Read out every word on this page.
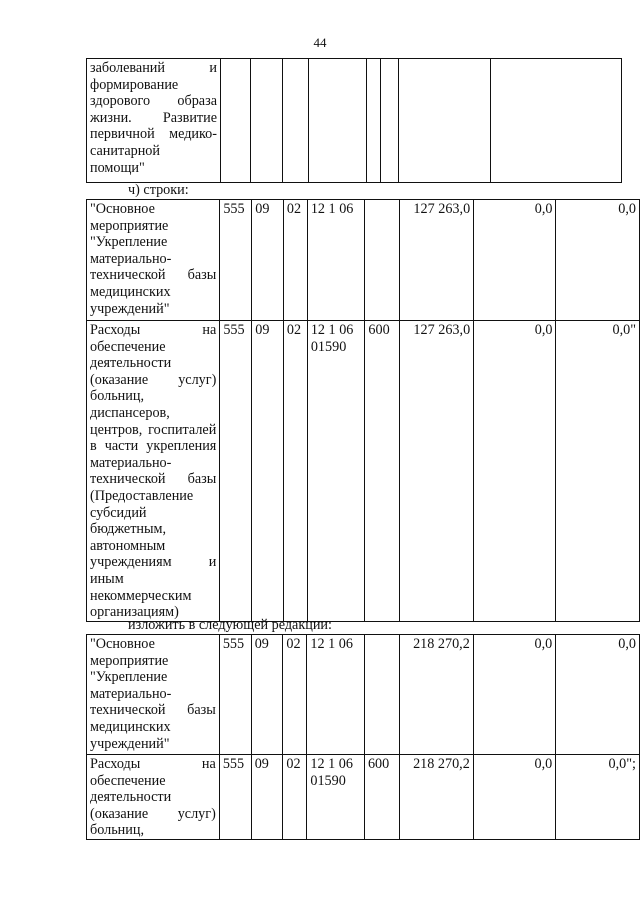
44
заболеваний и формирование здорового образа жизни. Развитие первичной медико-санитарной помощи"								
ч) строки:
"Основное мероприятие "Укрепление материально-технической базы медицинских учреждений"	555	09	02	12 1 06		127 263,0	0,0	0,0
Расходы на обеспечение деятельности (оказание услуг) больниц, диспансеров, центров, госпиталей в части укрепления материально-технической базы (Предоставление субсидий бюджетным, автономным учреждениям и иным некоммерческим организациям)	555	09	02	12 1 06 01590	600	127 263,0	0,0	0,0"
изложить в следующей редакции:
"Основное мероприятие "Укрепление материально-технической базы медицинских учреждений"	555	09	02	12 1 06		218 270,2	0,0	0,0
Расходы на обеспечение деятельности (оказание услуг) больниц,	555	09	02	12 1 06 01590	600	218 270,2	0,0	0,0";
